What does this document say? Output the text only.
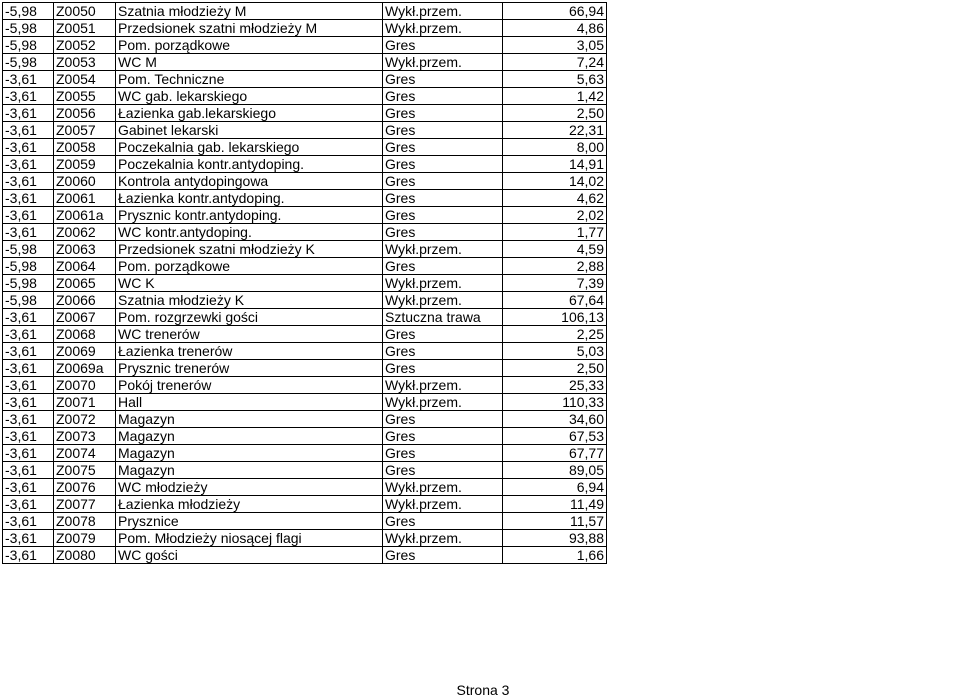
-5,98	Z0050	Szatnia młodzieży M	Wykł.przem.	66,94
-5,98	Z0051	Przedsionek szatni młodzieży M	Wykł.przem.	4,86
-5,98	Z0052	Pom. porządkowe	Gres	3,05
-5,98	Z0053	WC M	Wykł.przem.	7,24
-3,61	Z0054	Pom. Techniczne	Gres	5,63
-3,61	Z0055	WC gab. lekarskiego	Gres	1,42
-3,61	Z0056	Łazienka gab.lekarskiego	Gres	2,50
-3,61	Z0057	Gabinet lekarski	Gres	22,31
-3,61	Z0058	Poczekalnia gab. lekarskiego	Gres	8,00
-3,61	Z0059	Poczekalnia kontr.antydoping.	Gres	14,91
-3,61	Z0060	Kontrola antydopingowa	Gres	14,02
-3,61	Z0061	Łazienka kontr.antydoping.	Gres	4,62
-3,61	Z0061a	Prysznic kontr.antydoping.	Gres	2,02
-3,61	Z0062	WC kontr.antydoping.	Gres	1,77
-5,98	Z0063	Przedsionek szatni młodzieży K	Wykł.przem.	4,59
-5,98	Z0064	Pom. porządkowe	Gres	2,88
-5,98	Z0065	WC K	Wykł.przem.	7,39
-5,98	Z0066	Szatnia młodzieży K	Wykł.przem.	67,64
-3,61	Z0067	Pom. rozgrzewki gości	Sztuczna trawa	106,13
-3,61	Z0068	WC trenerów	Gres	2,25
-3,61	Z0069	Łazienka trenerów	Gres	5,03
-3,61	Z0069a	Prysznic trenerów	Gres	2,50
-3,61	Z0070	Pokój trenerów	Wykł.przem.	25,33
-3,61	Z0071	Hall	Wykł.przem.	110,33
-3,61	Z0072	Magazyn	Gres	34,60
-3,61	Z0073	Magazyn	Gres	67,53
-3,61	Z0074	Magazyn	Gres	67,77
-3,61	Z0075	Magazyn	Gres	89,05
-3,61	Z0076	WC młodzieży	Wykł.przem.	6,94
-3,61	Z0077	Łazienka młodzieży	Wykł.przem.	11,49
-3,61	Z0078	Prysznice	Gres	11,57
-3,61	Z0079	Pom. Młodzieży niosącej flagi	Wykł.przem.	93,88
-3,61	Z0080	WC gości	Gres	1,66
Strona 3
